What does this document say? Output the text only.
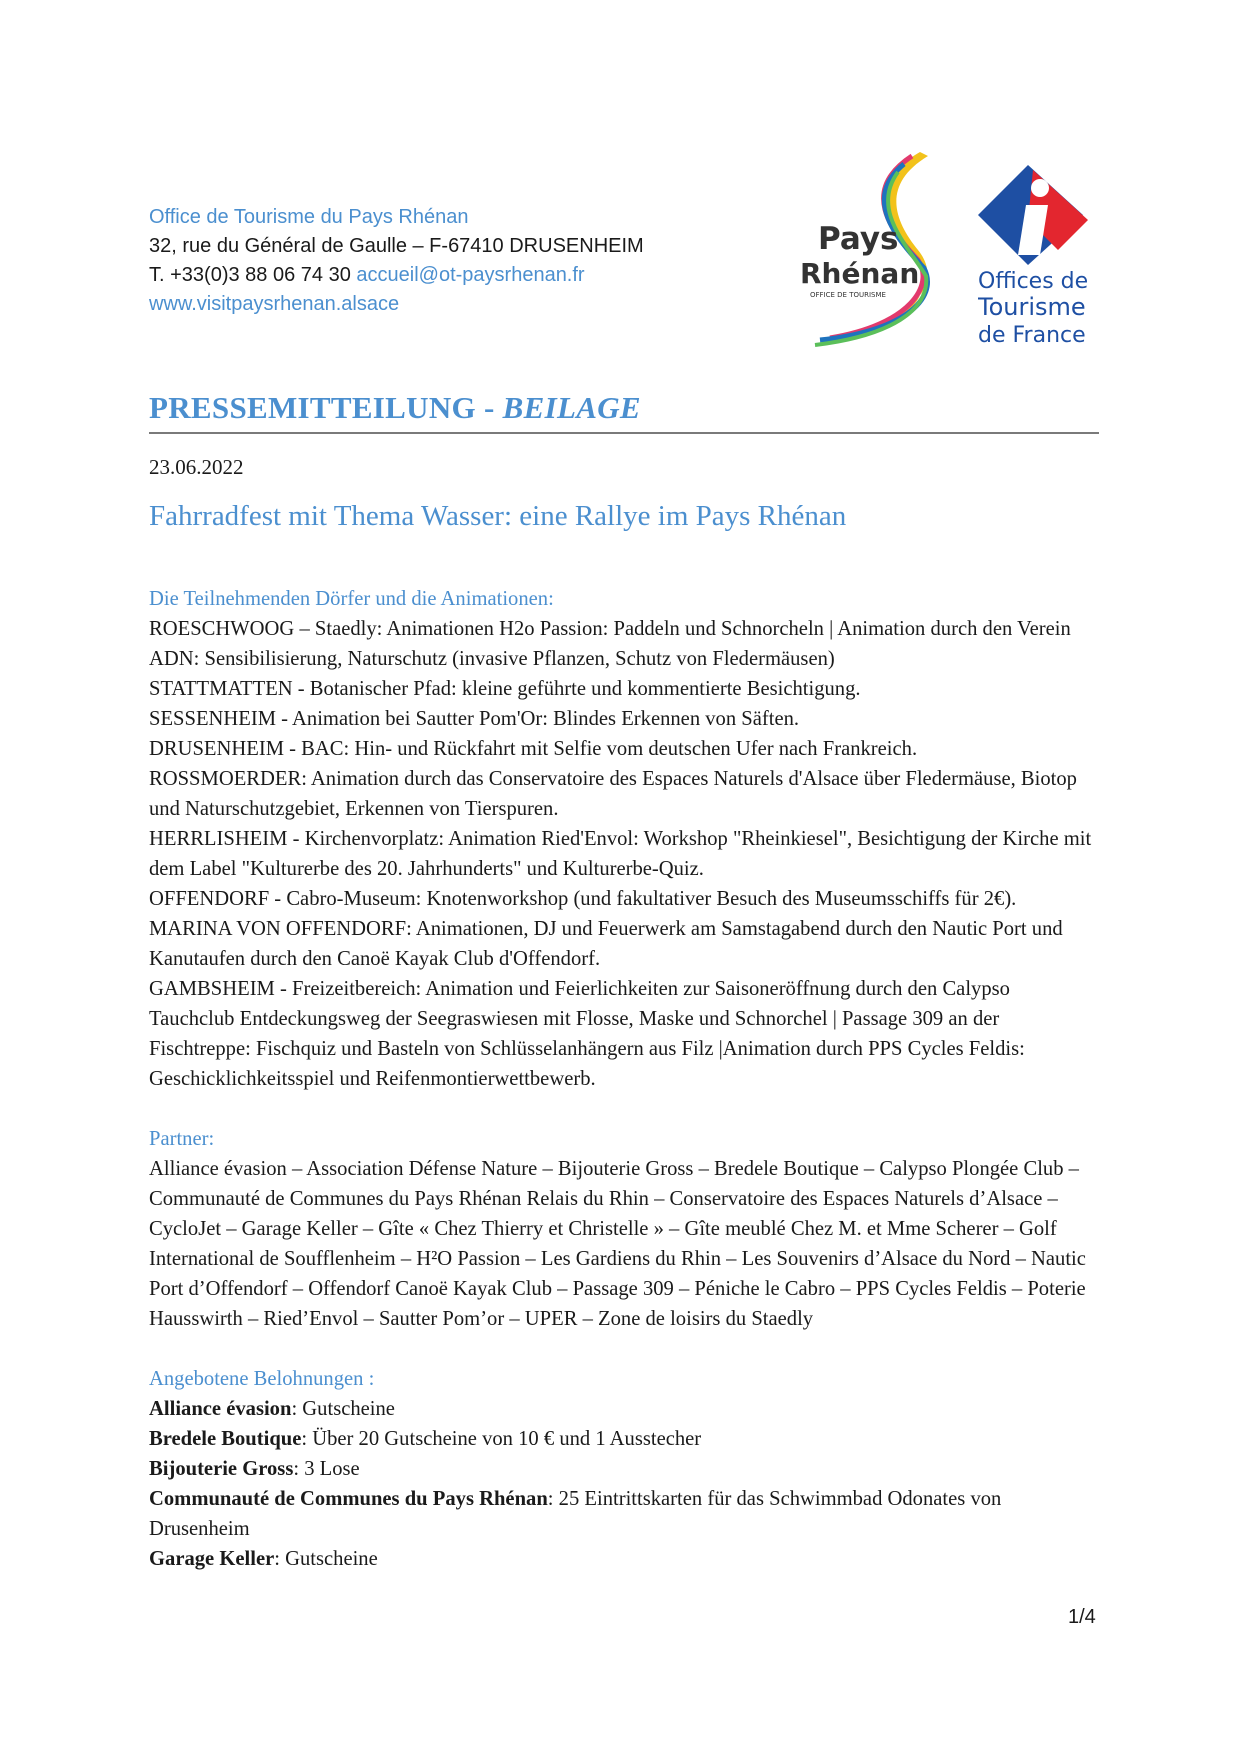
Office de Tourisme du Pays Rhénan
32, rue du Général de Gaulle – F-67410 DRUSENHEIM
T. +33(0)3 88 06 74 30 accueil@ot-paysrhenan.fr
www.visitpaysrhenan.alsace
Pays
Rhénan
OFFICE DE TOURISME
Offices de
Tourisme
de France
PRESSEMITTEILUNG - BEILAGE
23.06.2022
Fahrradfest mit Thema Wasser: eine Rallye im Pays Rhénan

Die Teilnehmenden Dörfer und die Animationen:

ROESCHWOOG – Staedly: Animationen H2o Passion: Paddeln und Schnorcheln | Animation durch den Verein ADN: Sensibilisierung, Naturschutz (invasive Pflanzen, Schutz von Fledermäusen)

STATTMATTEN - Botanischer Pfad: kleine geführte und kommentierte Besichtigung.

SESSENHEIM - Animation bei Sautter Pom'Or: Blindes Erkennen von Säften.

DRUSENHEIM - BAC: Hin- und Rückfahrt mit Selfie vom deutschen Ufer nach Frankreich.

ROSSMOERDER: Animation durch das Conservatoire des Espaces Naturels d'Alsace über Fledermäuse, Biotop und Naturschutzgebiet, Erkennen von Tierspuren.

HERRLISHEIM - Kirchenvorplatz: Animation Ried'Envol: Workshop "Rheinkiesel", Besichtigung der Kirche mit dem Label "Kulturerbe des 20. Jahrhunderts" und Kulturerbe-Quiz.

OFFENDORF - Cabro-Museum: Knotenworkshop (und fakultativer Besuch des Museumsschiffs für 2€).

MARINA VON OFFENDORF: Animationen, DJ und Feuerwerk am Samstagabend durch den Nautic Port und Kanutaufen durch den Canoë Kayak Club d'Offendorf.

GAMBSHEIM - Freizeitbereich: Animation und Feierlichkeiten zur Saisoneröffnung durch den Calypso Tauchclub Entdeckungsweg der Seegraswiesen mit Flosse, Maske und Schnorchel | Passage 309 an der Fischtreppe: Fischquiz und Basteln von Schlüsselanhängern aus Filz |Animation durch PPS Cycles Feldis: Geschicklichkeitsspiel und Reifenmontierwettbewerb.

Partner:

Alliance évasion – Association Défense Nature – Bijouterie Gross – Bredele Boutique – Calypso Plongée Club – Communauté de Communes du Pays Rhénan Relais du Rhin – Conservatoire des Espaces Naturels d’Alsace – CycloJet – Garage Keller – Gîte « Chez Thierry et Christelle » – Gîte meublé Chez M. et Mme Scherer – Golf International de Soufflenheim – H²O Passion – Les Gardiens du Rhin – Les Souvenirs d’Alsace du Nord – Nautic Port d’Offendorf – Offendorf Canoë Kayak Club – Passage 309 – Péniche le Cabro – PPS Cycles Feldis – Poterie Hausswirth – Ried’Envol – Sautter Pom’or – UPER – Zone de loisirs du Staedly

Angebotene Belohnungen :

Alliance évasion: Gutscheine

Bredele Boutique: Über 20 Gutscheine von 10 € und 1 Ausstecher

Bijouterie Gross: 3 Lose

Communauté de Communes du Pays Rhénan: 25 Eintrittskarten für das Schwimmbad Odonates von Drusenheim

Garage Keller: Gutscheine

1/4
